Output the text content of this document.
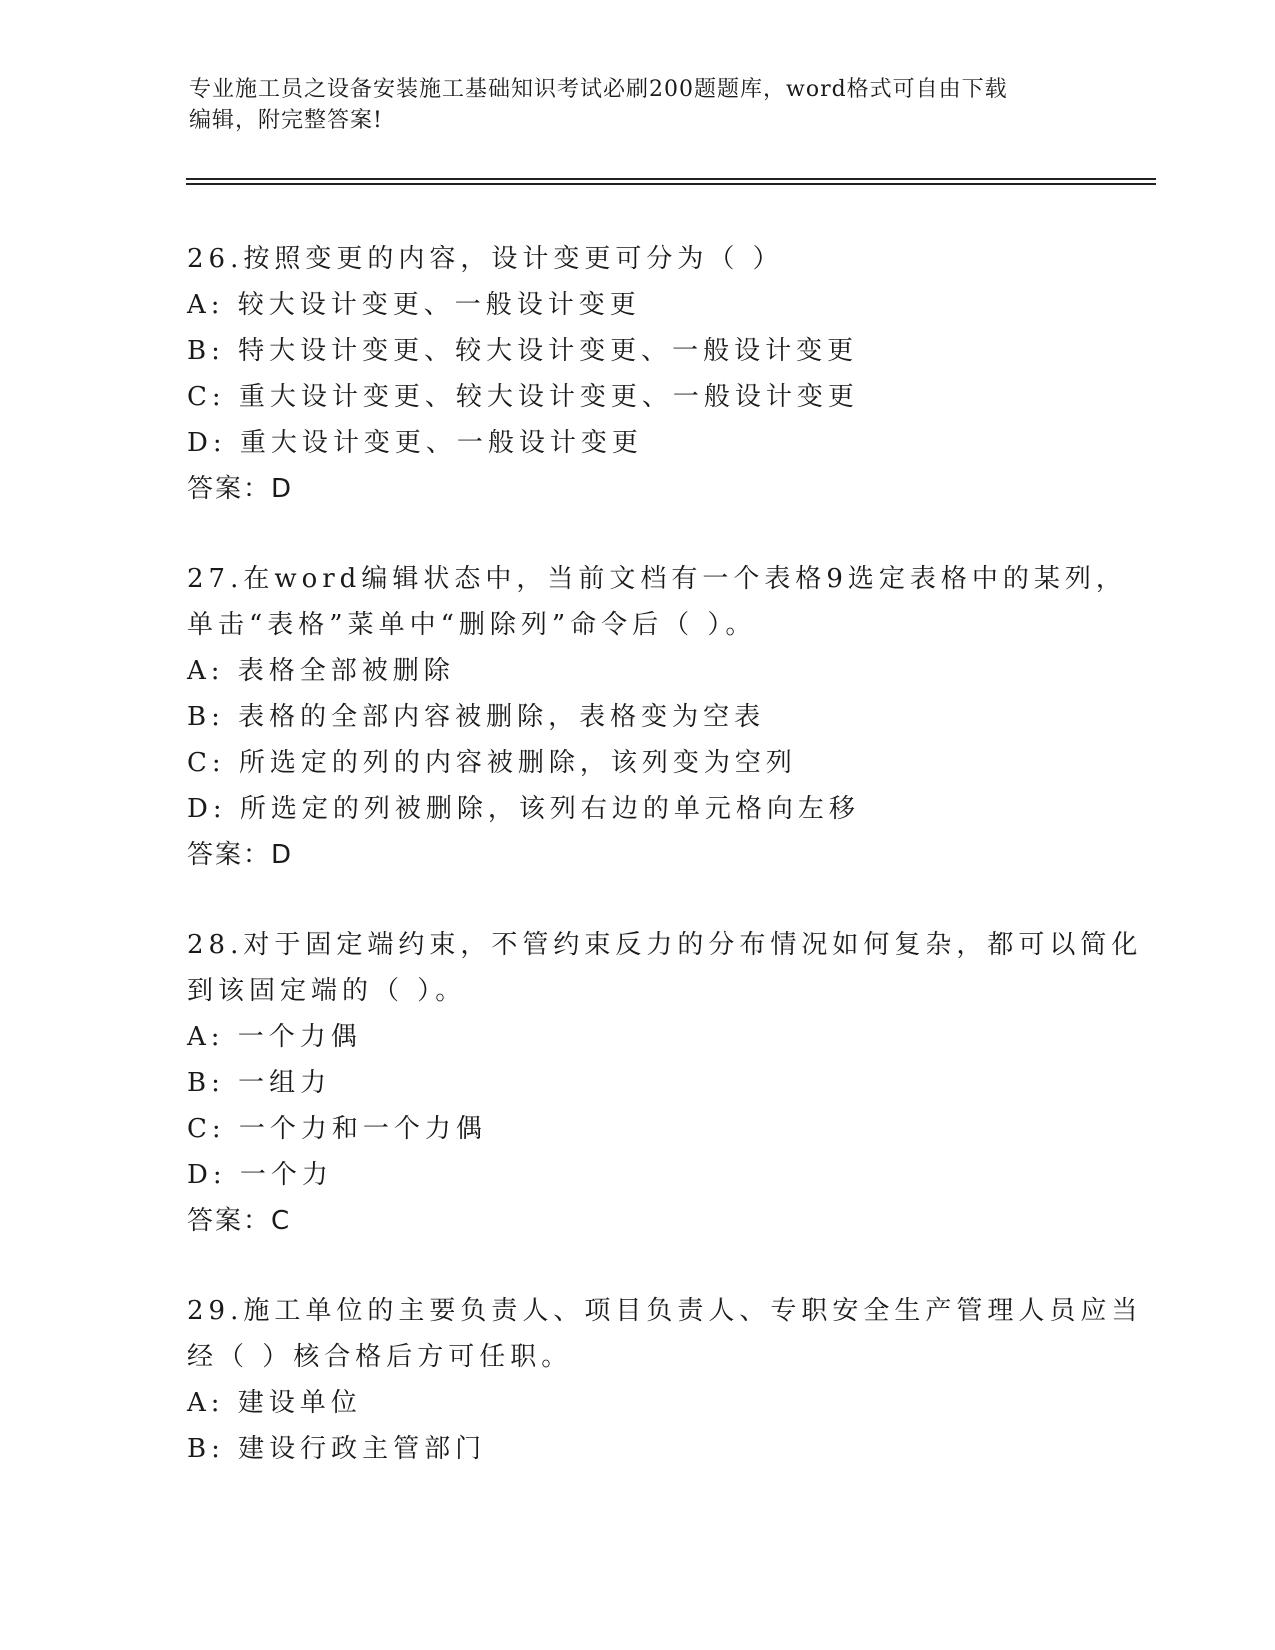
专业施工员之设备安装施工基础知识考试必刷200题题库，word格式可自由下载
编辑，附完整答案!
26.按照变更的内容，设计变更可分为（ ）
A: 较大设计变更、一般设计变更
B: 特大设计变更、较大设计变更、一般设计变更
C: 重大设计变更、较大设计变更、一般设计变更
D: 重大设计变更、一般设计变更
答案：D
27.在word编辑状态中，当前文档有一个表格9选定表格中的某列，
单击“表格”菜单中“删除列”命令后（ ）。
A: 表格全部被删除
B: 表格的全部内容被删除，表格变为空表
C: 所选定的列的内容被删除，该列变为空列
D: 所选定的列被删除，该列右边的单元格向左移
答案：D
28.对于固定端约束，不管约束反力的分布情况如何复杂，都可以简化
到该固定端的（ ）。
A: 一个力偶
B: 一组力
C: 一个力和一个力偶
D: 一个力
答案：C
29.施工单位的主要负责人、项目负责人、专职安全生产管理人员应当
经（ ）核合格后方可任职。
A: 建设单位
B: 建设行政主管部门
